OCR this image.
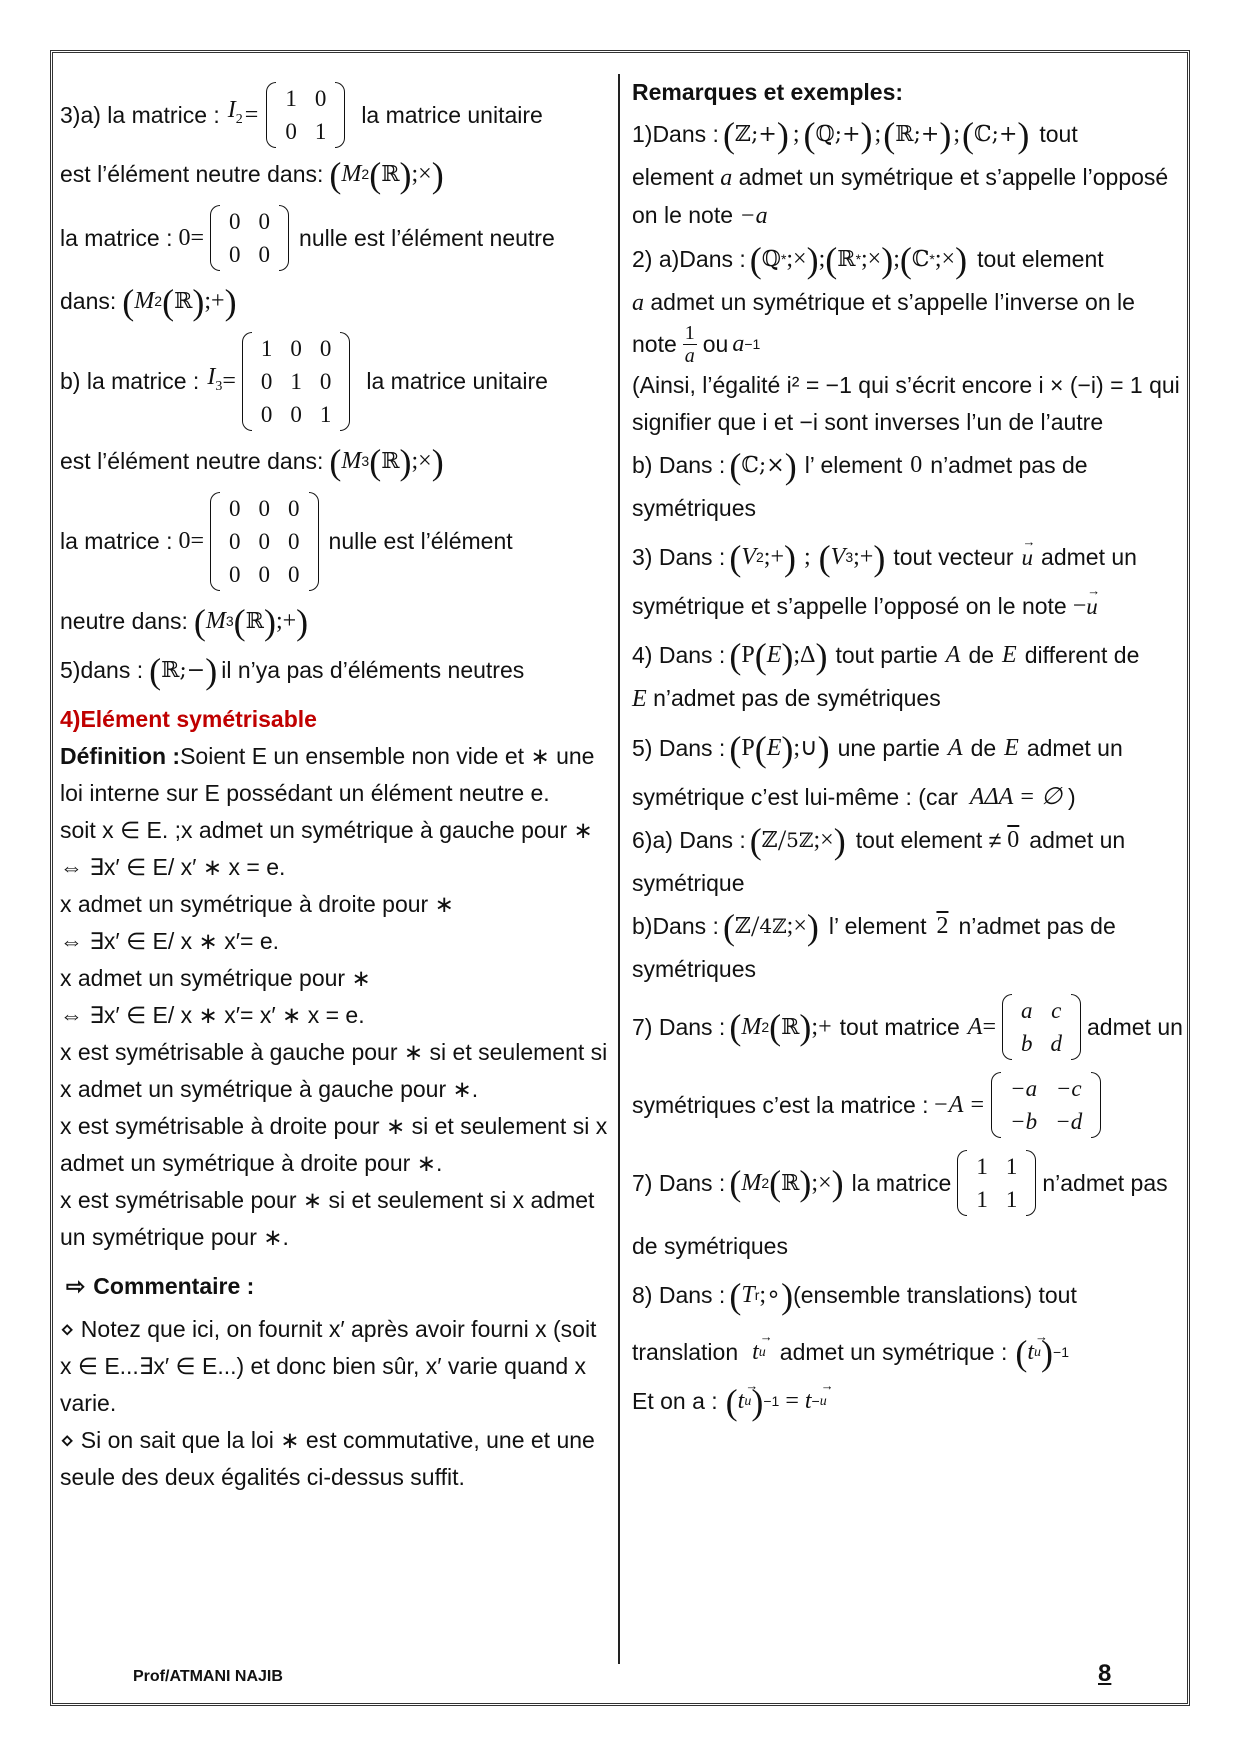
3)a) la matrice : $I_2$ =
1	0
0	1
la matrice unitaire
est l’élément neutre dans: ( M 2 ( ℝ ) ;× )
la matrice : 0 =
0	0
0	0
nulle est l’élément neutre
dans: ( M 2 ( ℝ ) ;+ )
b) la matrice : $I_3$ =
1	0	0
0	1	0
0	0	1
la matrice unitaire
est l’élément neutre dans: ( M 3 ( ℝ ) ;× )
la matrice : 0 =
0	0	0
0	0	0
0	0	0
nulle est l’élément
neutre dans: ( M 3 ( ℝ ) ;+ )
5)dans : ( ℝ;− ) il n’ya pas d’éléments neutres
4)Elément symétrisable
Définition :Soient E un ensemble non vide et ∗ une loi interne sur E possédant un élément neutre e.
soit x ∈ E. ;x admet un symétrique à gauche pour ∗
⇔ ∃x′ ∈ E/ x′ ∗ x = e.
x admet un symétrique à droite pour ∗
⇔ ∃x′ ∈ E/ x ∗ x′= e.
x admet un symétrique pour ∗
⇔ ∃x′ ∈ E/ x ∗ x′= x′ ∗ x = e.
x est symétrisable à gauche pour ∗ si et seulement si x admet un symétrique à gauche pour ∗.
x est symétrisable à droite pour ∗ si et seulement si x admet un symétrique à droite pour ∗.
x est symétrisable pour ∗ si et seulement si x admet un symétrique pour ∗.
⇨ Commentaire :
⋄ Notez que ici, on fournit x′ après avoir fourni x (soit x ∈ E...∃x′ ∈ E...) et donc bien sûr, x′ varie quand x varie.
⋄ Si on sait que la loi ∗ est commutative, une et une seule des deux égalités ci-dessus suffit.
Remarques et exemples:
1)Dans : ( ℤ;+ ) ; ( ℚ;+ ) ; ( ℝ;+ ) ; ( ℂ;+ ) tout
element a admet un symétrique et s’appelle l’opposé on le note −a
2) a)Dans : ( ℚ * ;× ) ; ( ℝ * ;× ) ; ( ℂ * ;× ) tout element
a admet un symétrique et s’appelle l’inverse on le
note $\frac{1}{a}$ ou a −1
(Ainsi, l’égalité i² = −1 qui s’écrit encore i × (−i) = 1 qui signifier que i et −i sont inverses l’un de l’autre
b) Dans : ( ℂ;× ) l’ element 0 n’admet pas de
symétriques
3) Dans : ( V 2 ;+ ) ; ( V 3 ;+ ) tout vecteur u → admet un
symétrique et s’appelle l’opposé on le note − u →
4) Dans : ( P ( E ) ;Δ ) tout partie A de E different de
E n’admet pas de symétriques
5) Dans : ( P ( E ) ;∪ ) une partie A de E admet un
symétrique c’est lui-même : (car AΔA = ∅ )
6)a) Dans : ( ℤ / 5ℤ ;× ) tout element ≠ 0 admet un
symétrique
b)Dans : ( ℤ / 4ℤ ;× ) l’ element 2 n’admet pas de
symétriques
7) Dans : ( M 2 ( ℝ ) ;+ tout matrice A =
a	c
b	d
admet un
symétriques c’est la matrice : −A =
−a	−c
−b	−d
7) Dans : ( M 2 ( ℝ ) ;× ) la matrice
1	1
1	1
n’admet pas
de symétriques
8) Dans : ( T r ;∘ ) (ensemble translations) tout
translation t u → admet un symétrique : ( t u → ) −1
Et on a : ( t u → ) −1 = t − u →
Prof/ATMANI NAJIB	8
